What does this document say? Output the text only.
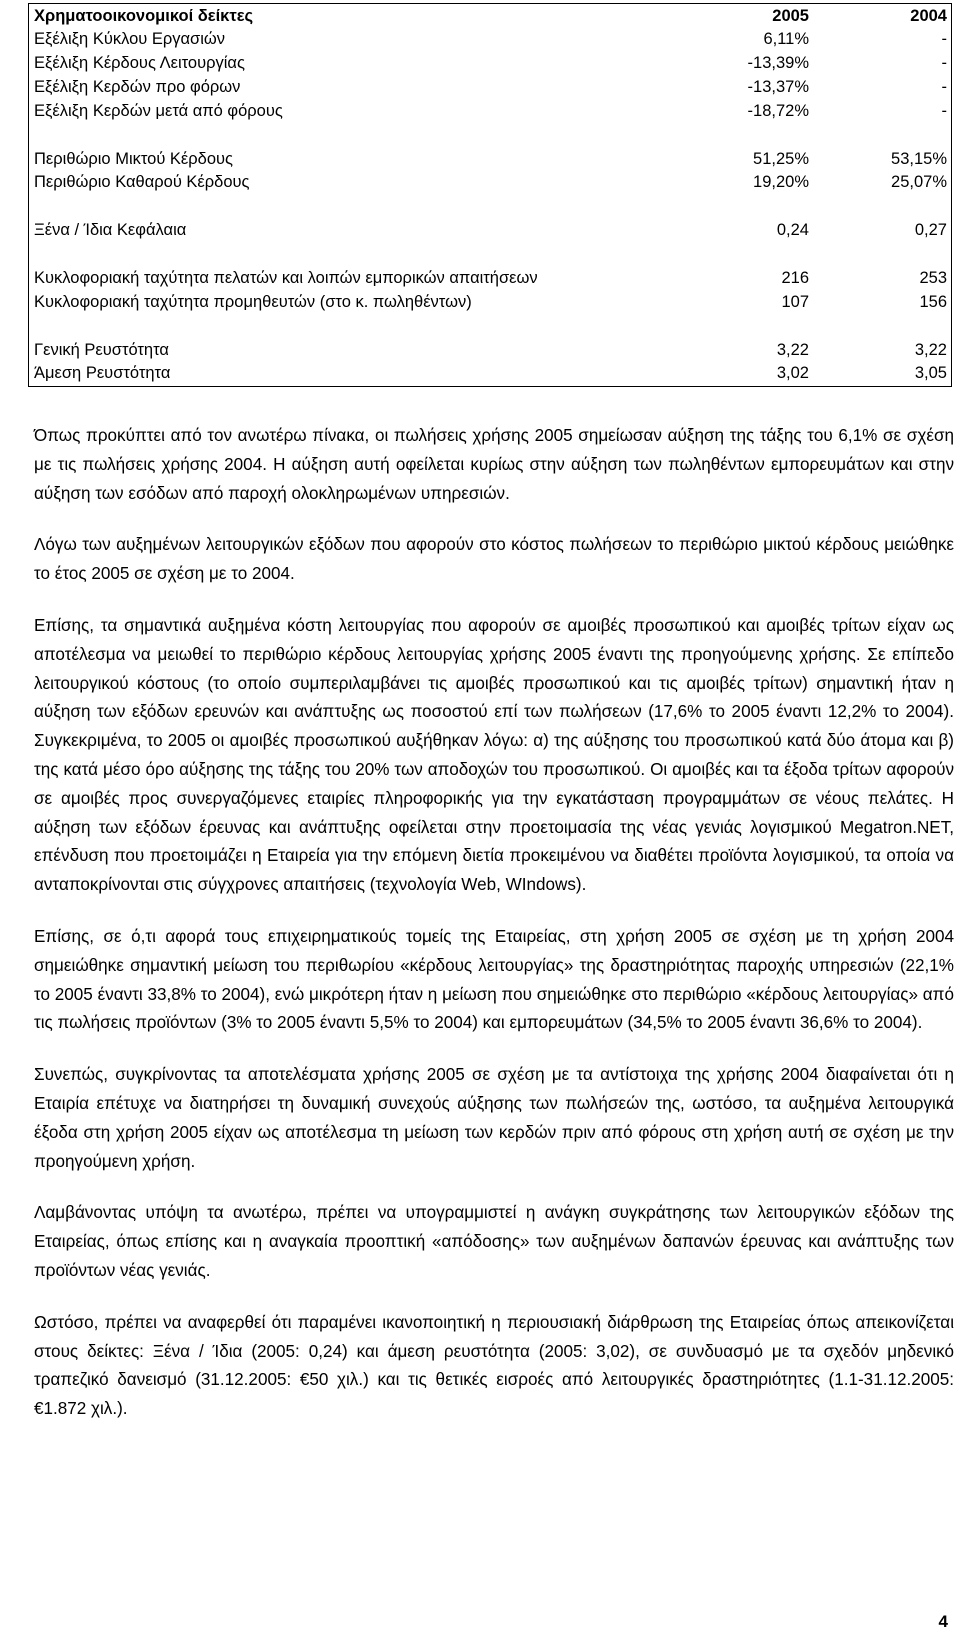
Χρηματοοικονομικοί δείκτες	2005	2004
Εξέλιξη Κύκλου Εργασιών	6,11%	-
Εξέλιξη Κέρδους Λειτουργίας	-13,39%	-
Εξέλιξη Κερδών προ φόρων	-13,37%	-
Εξέλιξη Κερδών μετά από φόρους	-18,72%	-
Περιθώριο Μικτού Κέρδους	51,25%	53,15%
Περιθώριο Καθαρού Κέρδους	19,20%	25,07%
Ξένα / Ίδια Κεφάλαια	0,24	0,27
Κυκλοφοριακή ταχύτητα πελατών και λοιπών εμπορικών απαιτήσεων	216	253
Κυκλοφοριακή ταχύτητα προμηθευτών (στο κ. πωληθέντων)	107	156
Γενική Ρευστότητα	3,22	3,22
Άμεση Ρευστότητα	3,02	3,05

Όπως προκύπτει από τον ανωτέρω πίνακα, οι πωλήσεις χρήσης 2005 σημείωσαν αύξηση της τάξης του 6,1% σε σχέση με τις πωλήσεις χρήσης 2004. Η αύξηση αυτή οφείλεται κυρίως στην αύξηση των πωληθέντων εμπορευμάτων και στην αύξηση των εσόδων από παροχή ολοκληρωμένων υπηρεσιών.

Λόγω των αυξημένων λειτουργικών εξόδων που αφορούν στο κόστος πωλήσεων το περιθώριο μικτού κέρδους μειώθηκε το έτος 2005 σε σχέση με το 2004.

Επίσης, τα σημαντικά αυξημένα κόστη λειτουργίας που αφορούν σε αμοιβές προσωπικού και αμοιβές τρίτων είχαν ως αποτέλεσμα να μειωθεί το περιθώριο κέρδους λειτουργίας χρήσης 2005 έναντι της προηγούμενης χρήσης. Σε επίπεδο λειτουργικού κόστους (το οποίο συμπεριλαμβάνει τις αμοιβές προσωπικού και τις αμοιβές τρίτων) σημαντική ήταν η αύξηση των εξόδων ερευνών και ανάπτυξης ως ποσοστού επί των πωλήσεων (17,6% το 2005 έναντι 12,2% το 2004). Συγκεκριμένα, το 2005 οι αμοιβές προσωπικού αυξήθηκαν λόγω: α) της αύξησης του προσωπικού κατά δύο άτομα και β) της κατά μέσο όρο αύξησης της τάξης του 20% των αποδοχών του προσωπικού. Οι αμοιβές και τα έξοδα τρίτων αφορούν σε αμοιβές προς συνεργαζόμενες εταιρίες πληροφορικής για την εγκατάσταση προγραμμάτων σε νέους πελάτες. Η αύξηση των εξόδων έρευνας και ανάπτυξης οφείλεται στην προετοιμασία της νέας γενιάς λογισμικού Megatron.NET, επένδυση που προετοιμάζει η Εταιρεία για την επόμενη διετία προκειμένου να διαθέτει προϊόντα λογισμικού, τα οποία να ανταποκρίνονται στις σύγχρονες απαιτήσεις (τεχνολογία Web, WIndows).

Επίσης, σε ό,τι αφορά τους επιχειρηματικούς τομείς της Εταιρείας, στη χρήση 2005 σε σχέση με τη χρήση 2004 σημειώθηκε σημαντική μείωση του περιθωρίου «κέρδους λειτουργίας» της δραστηριότητας παροχής υπηρεσιών (22,1% το 2005 έναντι 33,8% το 2004), ενώ μικρότερη ήταν η μείωση που σημειώθηκε στο περιθώριο «κέρδους λειτουργίας» από τις πωλήσεις προϊόντων (3% το 2005 έναντι 5,5% το 2004) και εμπορευμάτων (34,5% το 2005 έναντι 36,6% το 2004).

Συνεπώς, συγκρίνοντας τα αποτελέσματα χρήσης 2005 σε σχέση με τα αντίστοιχα της χρήσης 2004 διαφαίνεται ότι η Εταιρία επέτυχε να διατηρήσει τη δυναμική συνεχούς αύξησης των πωλήσεών της, ωστόσο, τα αυξημένα λειτουργικά έξοδα στη χρήση 2005 είχαν ως αποτέλεσμα τη μείωση των κερδών πριν από φόρους στη χρήση αυτή σε σχέση με την προηγούμενη χρήση.

Λαμβάνοντας υπόψη τα ανωτέρω, πρέπει να υπογραμμιστεί η ανάγκη συγκράτησης των λειτουργικών εξόδων της Εταιρείας, όπως επίσης και η αναγκαία προοπτική «απόδοσης» των αυξημένων δαπανών έρευνας και ανάπτυξης των προϊόντων νέας γενιάς.

Ωστόσο, πρέπει να αναφερθεί ότι παραμένει ικανοποιητική η περιουσιακή διάρθρωση της Εταιρείας όπως απεικονίζεται στους δείκτες: Ξένα / Ίδια (2005: 0,24) και άμεση ρευστότητα (2005: 3,02), σε συνδυασμό με τα σχεδόν μηδενικό τραπεζικό δανεισμό (31.12.2005: €50 χιλ.) και τις θετικές εισροές από λειτουργικές δραστηριότητες (1.1-31.12.2005: €1.872 χιλ.).

4
